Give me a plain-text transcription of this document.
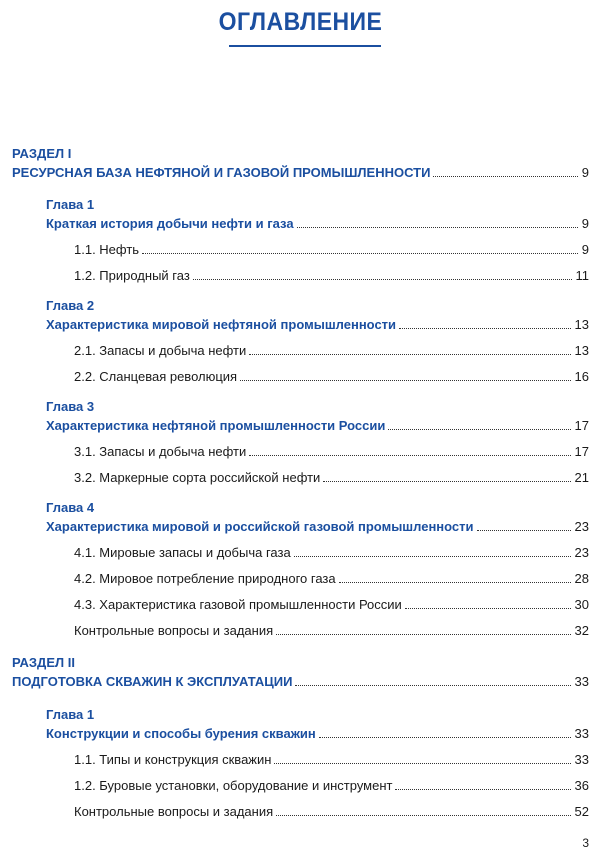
ОГЛАВЛЕНИЕ
РАЗДЕЛ I
РЕСУРСНАЯ БАЗА НЕФТЯНОЙ И ГАЗОВОЙ ПРОМЫШЛЕННОСТИ	9
Глава 1
Краткая история добычи нефти и газа	9
1.1. Нефть	9
1.2. Природный газ	11
Глава 2
Характеристика мировой нефтяной промышленности	13
2.1. Запасы и добыча нефти	13
2.2. Сланцевая революция	16
Глава 3
Характеристика нефтяной промышленности России	17
3.1. Запасы и добыча нефти	17
3.2. Маркерные сорта российской нефти	21
Глава 4
Характеристика мировой и российской газовой промышленности	23
4.1. Мировые запасы и добыча газа	23
4.2. Мировое потребление природного газа	28
4.3. Характеристика газовой промышленности России	30
Контрольные вопросы и задания	32
РАЗДЕЛ II
ПОДГОТОВКА СКВАЖИН К ЭКСПЛУАТАЦИИ	33
Глава 1
Конструкции и способы бурения скважин	33
1.1. Типы и конструкция скважин	33
1.2. Буровые установки, оборудование и инструмент	36
Контрольные вопросы и задания	52
3
